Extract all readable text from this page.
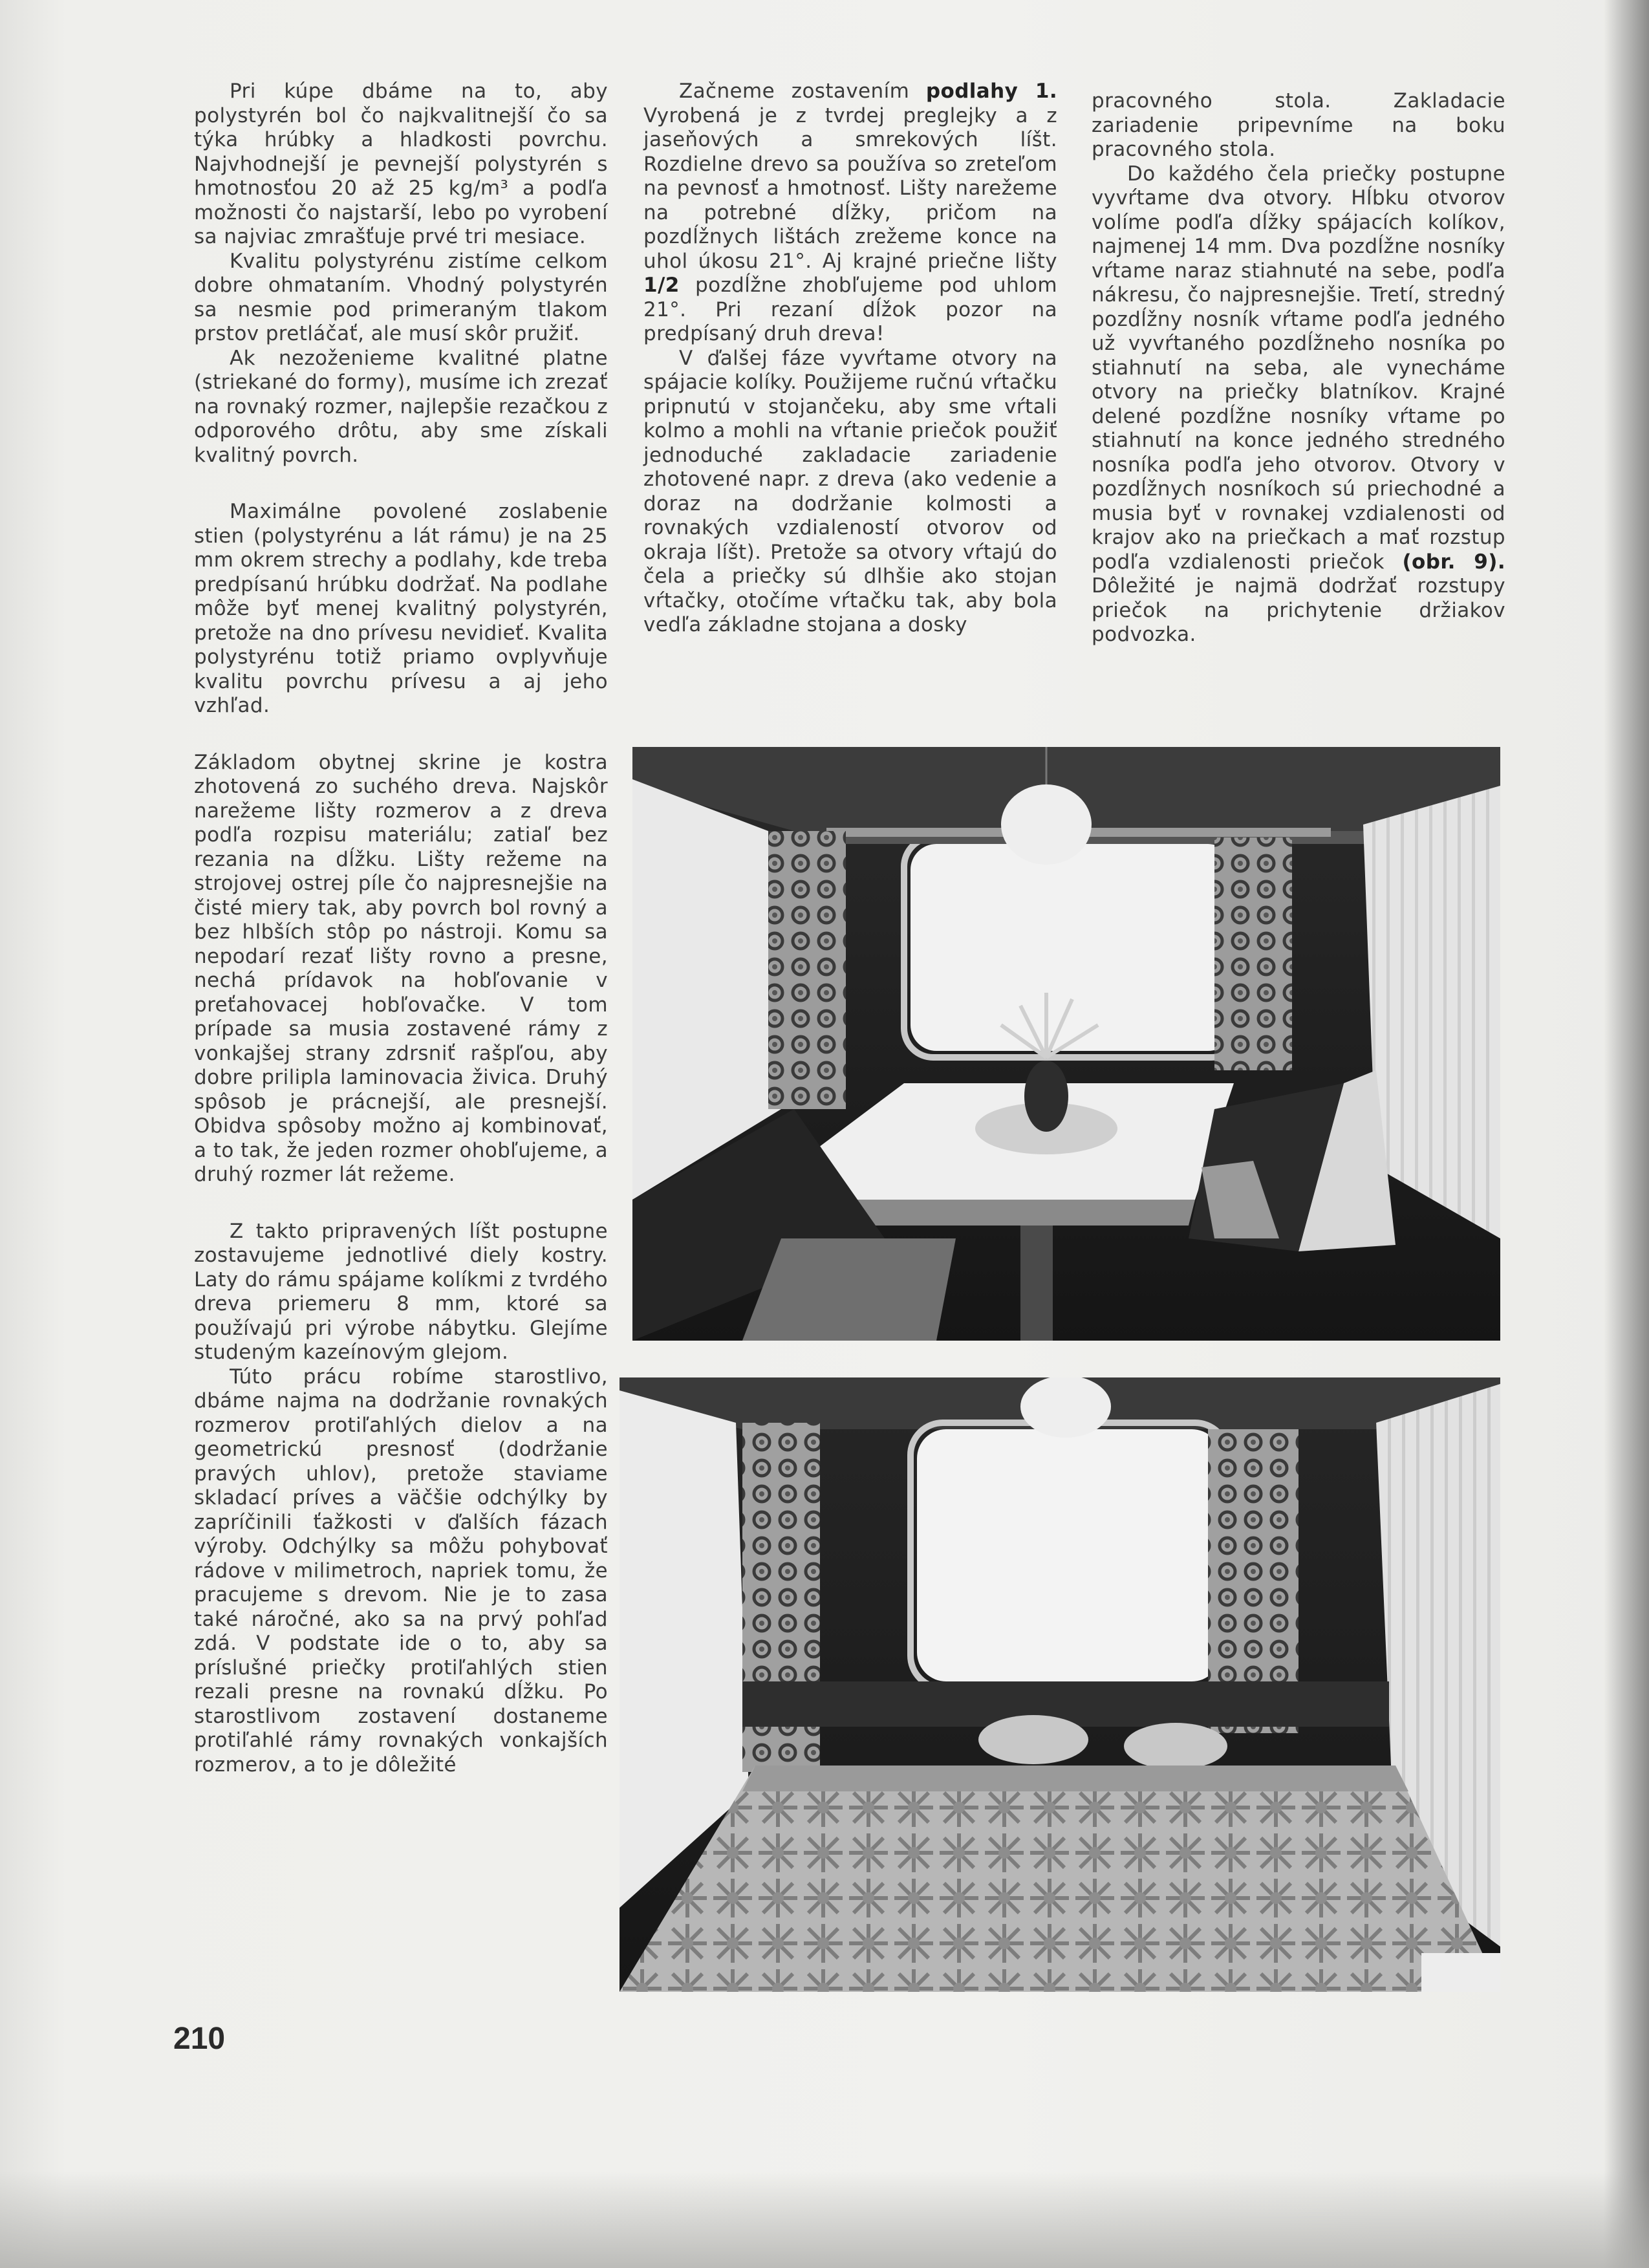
Pri kúpe dbáme na to, aby polystyrén bol čo najkvalitnejší čo sa týka hrúbky a hladkosti povrchu. Najvhodnejší je pevnejší polystyrén s hmotnosťou 20 až 25 kg/m³ a podľa možnosti čo najstarší, lebo po vyrobení sa najviac zmrašťuje prvé tri mesiace.

Kvalitu polystyrénu zistíme celkom dobre ohmataním. Vhodný polystyrén sa nesmie pod primeraným tlakom prstov pretláčať, ale musí skôr pružiť.

Ak nezoženieme kvalitné platne (striekané do formy), musíme ich zrezať na rovnaký rozmer, najlepšie rezačkou z odporového drôtu, aby sme získali kvalitný povrch.

Maximálne povolené zoslabenie stien (polystyrénu a lát rámu) je na 25 mm okrem strechy a podlahy, kde treba predpísanú hrúbku dodržať. Na podlahe môže byť menej kvalitný polystyrén, pretože na dno prívesu nevidieť. Kvalita polystyrénu totiž priamo ovplyvňuje kvalitu povrchu prívesu a aj jeho vzhľad.

Základom obytnej skrine je kostra zhotovená zo suchého dreva. Najskôr narežeme lišty rozmerov a z dreva podľa rozpisu materiálu; zatiaľ bez rezania na dĺžku. Lišty režeme na strojovej ostrej píle čo najpresnejšie na čisté miery tak, aby povrch bol rovný a bez hlbších stôp po nástroji. Komu sa nepodarí rezať lišty rovno a presne, nechá prídavok na hobľovanie v preťahovacej hobľovačke. V tom prípade sa musia zostavené rámy z vonkajšej strany zdrsniť rašpľou, aby dobre prilipla laminovacia živica. Druhý spôsob je prácnejší, ale presnejší. Obidva spôsoby možno aj kombinovať, a to tak, že jeden rozmer ohobľujeme, a druhý rozmer lát režeme.

Z takto pripravených líšt postupne zostavujeme jednotlivé diely kostry. Laty do rámu spájame kolíkmi z tvrdého dreva priemeru 8 mm, ktoré sa používajú pri výrobe nábytku. Glejíme studeným kazeínovým glejom.

Túto prácu robíme starostlivo, dbáme najma na dodržanie rovnakých rozmerov protiľahlých dielov a na geometrickú presnosť (dodržanie pravých uhlov), pretože staviame skladací príves a väčšie odchýlky by zapríčinili ťažkosti v ďalších fázach výroby. Odchýlky sa môžu pohybovať rádove v milimetroch, napriek tomu, že pracujeme s drevom. Nie je to zasa také náročné, ako sa na prvý pohľad zdá. V podstate ide o to, aby sa príslušné priečky protiľahlých stien rezali presne na rovnakú dĺžku. Po starostlivom zostavení dostaneme protiľahlé rámy rovnakých vonkajších rozmerov, a to je dôležité

Začneme zostavením podlahy 1. Vyrobená je z tvrdej preglejky a z jaseňových a smrekových líšt. Rozdielne drevo sa používa so zreteľom na pevnosť a hmotnosť. Lišty narežeme na potrebné dĺžky, pričom na pozdĺžnych lištách zrežeme konce na uhol úkosu 21°. Aj krajné priečne lišty 1/2 pozdĺžne zhobľujeme pod uhlom 21°. Pri rezaní dĺžok pozor na predpísaný druh dreva!

V ďalšej fáze vyvŕtame otvory na spájacie kolíky. Použijeme ručnú vŕtačku pripnutú v stojančeku, aby sme vŕtali kolmo a mohli na vŕtanie priečok použiť jednoduché zakladacie zariadenie zhotovené napr. z dreva (ako vedenie a doraz na dodržanie kolmosti a rovnakých vzdialeností otvorov od okraja líšt). Pretože sa otvory vŕtajú do čela a priečky sú dlhšie ako stojan vŕtačky, otočíme vŕtačku tak, aby bola vedľa základne stojana a dosky

pracovného stola. Zakladacie zariadenie pripevníme na boku pracovného stola.

Do každého čela priečky postupne vyvŕtame dva otvory. Hĺbku otvorov volíme podľa dĺžky spájacích kolíkov, najmenej 14 mm. Dva pozdĺžne nosníky vŕtame naraz stiahnuté na sebe, podľa nákresu, čo najpresnejšie. Tretí, stredný pozdĺžny nosník vŕtame podľa jedného už vyvŕtaného pozdĺžneho nosníka po stiahnutí na seba, ale vynecháme otvory na priečky blatníkov. Krajné delené pozdĺžne nosníky vŕtame po stiahnutí na konce jedného stredného nosníka podľa jeho otvorov. Otvory v pozdĺžnych nosníkoch sú priechodné a musia byť v rovnakej vzdialenosti od krajov ako na priečkach a mať rozstup podľa vzdialenosti priečok (obr. 9). Dôležité je najmä dodržať rozstupy priečok na prichytenie držiakov podvozka.

210
